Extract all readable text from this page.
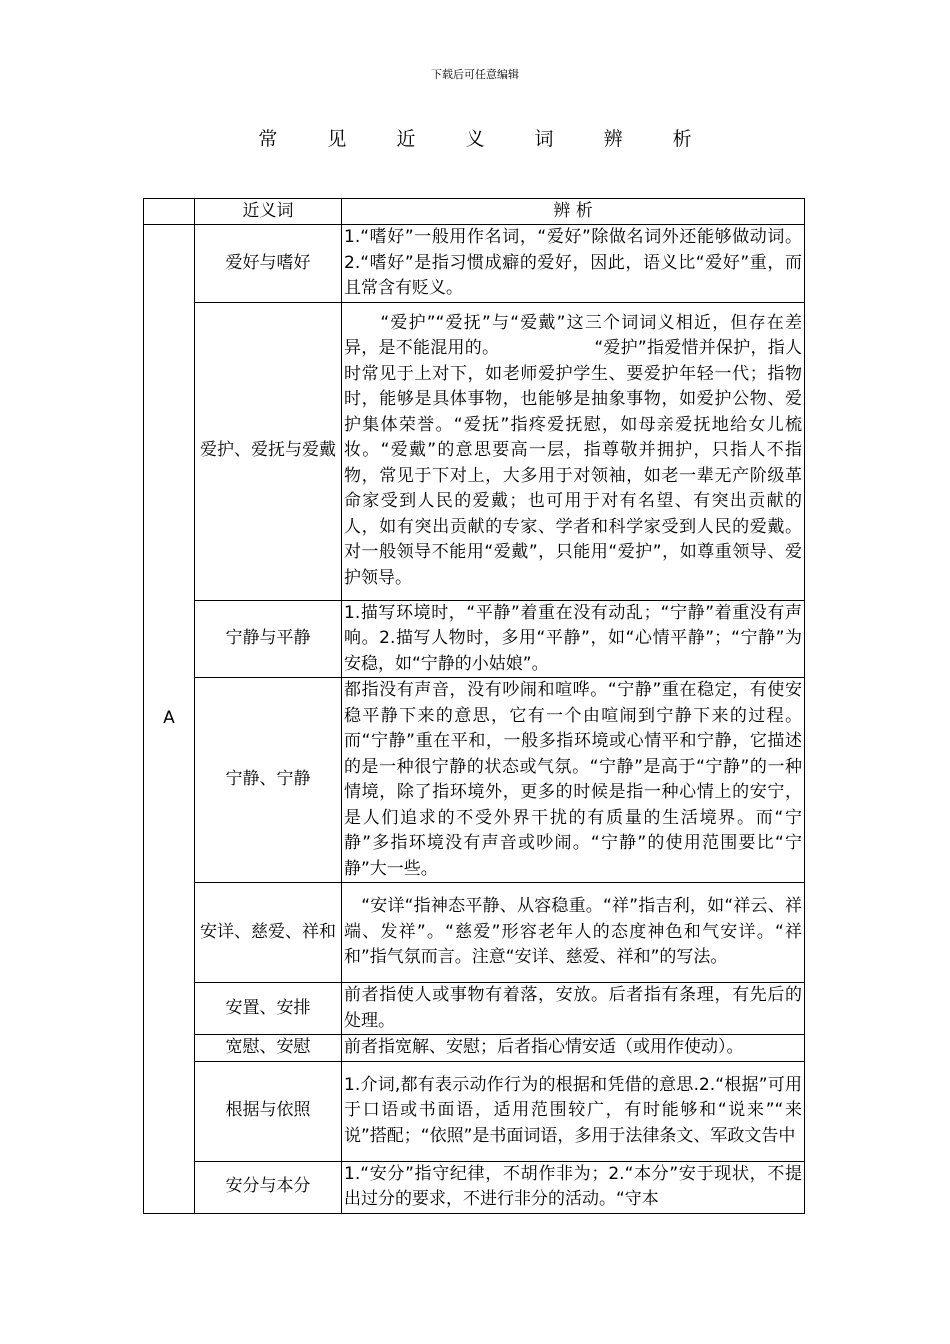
下载后可任意编辑
常 见 近 义 词 辨 析
	近义词	辨 析
A	爱好与嗜好	1.“嗜好”一般用作名词，“爱好”除做名词外还能够做动词。2.“嗜好”是指习惯成癖的爱好，因此，语义比“爱好”重，而且常含有贬义。
	爱护、爱抚与爱戴	　　“爱护”“爱抚”与“爱戴”这三个词词义相近，但存在差异，是不能混用的。　　　　　　“爱护”指爱惜并保护，指人时常见于上对下，如老师爱护学生、要爱护年轻一代；指物时，能够是具体事物，也能够是抽象事物，如爱护公物、爱护集体荣誉。“爱抚”指疼爱抚慰，如母亲爱抚地给女儿梳妆。“爱戴”的意思要高一层，指尊敬并拥护，只指人不指物，常见于下对上，大多用于对领袖，如老一辈无产阶级革命家受到人民的爱戴；也可用于对有名望、有突出贡献的人，如有突出贡献的专家、学者和科学家受到人民的爱戴。对一般领导不能用“爱戴”，只能用“爱护”，如尊重领导、爱护领导。
	宁静与平静	1.描写环境时，“平静”着重在没有动乱；“宁静”着重没有声响。2.描写人物时，多用“平静”，如“心情平静”；“宁静”为安稳，如“宁静的小姑娘”。
	宁静、宁静	都指没有声音，没有吵闹和喧哗。“宁静”重在稳定，有使安稳平静下来的意思，它有一个由喧闹到宁静下来的过程。而“宁静”重在平和，一般多指环境或心情平和宁静，它描述的是一种很宁静的状态或气氛。“宁静”是高于“宁静”的一种情境，除了指环境外，更多的时候是指一种心情上的安宁，是人们追求的不受外界干扰的有质量的生活境界。而“宁静”多指环境没有声音或吵闹。“宁静”的使用范围要比“宁静”大一些。
	安详、慈爱、祥和	　“安详“指神态平静、从容稳重。“祥”指吉利，如“祥云、祥端、发祥”。“慈爱”形容老年人的态度神色和气安详。“祥和”指气氛而言。注意“安详、慈爱、祥和”的写法。
	安置、安排	前者指使人或事物有着落，安放。后者指有条理，有先后的处理。
	宽慰、安慰	前者指宽解、安慰；后者指心情安适（或用作使动）。
	根据与依照	1.介词,都有表示动作行为的根据和凭借的意思.2.“根据”可用于口语或书面语，适用范围较广，有时能够和“说来”“来说”搭配；“依照”是书面词语，多用于法律条文、军政文告中
	安分与本分	1.“安分”指守纪律，不胡作非为；2.“本分”安于现状，不提出过分的要求，不进行非分的活动。“守本
